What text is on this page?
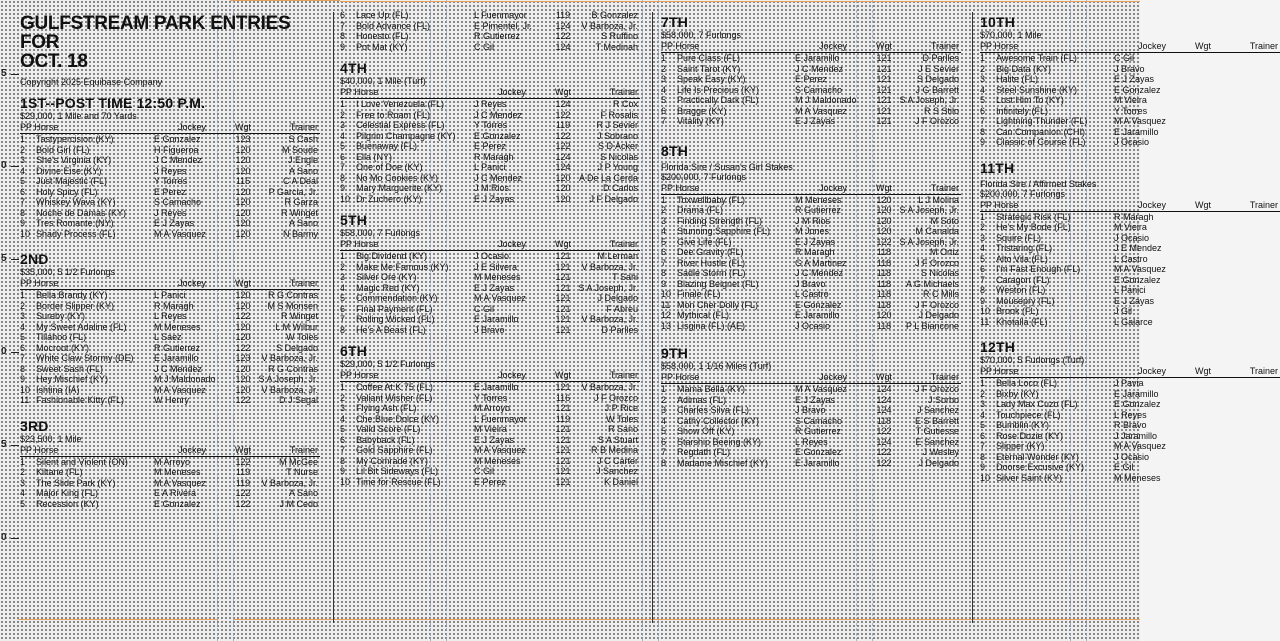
5
0
5
0
5
0
GULFSTREAM PARK ENTRIES FOR
OCT. 18
Copyright 2025 Equibase Company
1ST--POST TIME 12:50 P.M.
$29,000, 1 Mile and 70 Yards
PP Horse	Jockey	Wgt	Trainer
1	Tastypercision (KY)	E Gonzalez	123	S Cash
2	Bold Girl (FL)	H Figueroa	120	M Soude
3	She's Virginia (KY)	J C Mendez	120	J Engle
4	Divine Eise (KY)	J Reyes	120	A Sano
5	Just Majestic (FL)	Y Torres	115	C A Deal
6	Holy Spicy (FL)	E Perez	120	P Garcia, Jr.
7	Whiskey Wava (KY)	S Camacho	120	R Garza
8	Noche de Damas (KY)	J Reyes	120	R Winget
9	Tres Romante (NY)	E J Zayas	120	A Sano
10 Shady Process (FL)	M A Vasquez	120	N Barmy
2ND
$35,000, 5 1/2 Furlongs
PP Horse	Jockey	Wgt	Trainer
1	Bella Brandy (KY)	L Panici	120	R G Contras
2	Border Slipper (KY)	R Maragh	120	M S Monsen
3	Sureby (KY)	L Reyes	122	R Winget
4	My Sweet Adaline (FL)	M Meneses	120	L M Wilbur
5	Tillahoo (FL)	L Saez	120	W Toles
6	Mocroot (KY)	R Gutierrez	122	S Delgado
7	White Claw Stormy (DE)	E Jaramillo	123	V Barboza, Jr.
8	Sweet Sash (FL)	J C Mendez	120	R G Contras
9	Hey Mischief (KY)	M J Maldonado	120 S A Joseph, Jr.
10 Ishtina (IA)	M A Vasquez	120	V Barboza, Jr.
11 Fashionable Kitty (FL)	W Henry	122	D J Segal
3RD
$23,500, 1 Mile
PP Horse	Jockey	Wgt	Trainer
1	Silent and Violent (ON)	M Arroyo	122	M McGee
2	Kiltane (FL)	M Meneses	119	T Nurse
3	The Slide Park (KY)	M A Vasquez	119	V Barboza, Jr.
4	Major King (FL)	E A Rivera	122	A Sano
5	Recession (KY)	E Gonzalez	122	J M Cedo
6	Lace Up (FL)	L Fuenmayor	119	B Gonzalez
7	Bold Advance (FL)	E Pimentel, Jr.	124	V Barboza, Jr.
8	Honesto (FL)	R Gutierrez	122	S Ruffino
9	Pot Mat (KY)	C Gil	124	T Medinah
4TH
$40,000, 1 Mile (Turf)
PP Horse	Jockey	Wgt	Trainer
1	I Love Venezuela (FL)	J Reyes	124	R Cox
2	Free to Roam (FL)	J C Mendez	122	F Rosalis
3	Celestial Express (FL)	Y Torres	119	R J Sevier
4	Pilgrim Champagne (KY)	E Gonzalez	122	J Sobrano
5	Buenaway (FL)	E Perez	122	S D Acker
6	Ella (NY)	R Maragh	124	S Nicolas
7	One of Doe (KY)	L Panici	124	J P Young
8	No Mo Cookies (KY)	J C Mendez	120 A De La Cerda
9	Mary Marguerite (KY)	J M Rios	120	D Carlos
10 Dr Zuchero (KY)	E J Zayas	120	J F Delgado
5TH
$58,000, 7 Furlongs
PP Horse	Jockey	Wgt	Trainer
1	Big Dividend (KY)	J Ocasio	121	M Lerman
2	Make Me Famous (KY)	J E Silvera	121	V Barboza, Jr.
3	Silver Ore (KY)	M Meneses	121	T Sahi
4	Magic Red (KY)	E J Zayas	121 S A Joseph, Jr.
5	Commendation (KY)	M A Vasquez	121	J Delgado
6	Final Payment (FL)	C Gil	121	F Abreu
7	Rolling Wicked (FL)	E Jaramillo	121	V Barboza, Jr.
8	He's A Beast (FL)	J Bravo	121	D Parlles
6TH
$29,000, 5 1/2 Furlongs
PP Horse	Jockey	Wgt	Trainer
1	Coffee At K 75 (FL)	E Jaramillo	121	V Barboza, Jr.
2	Valiant Wisher (FL)	Y Torres	116	J F Orozco
3	Flying Ash (FL)	M Arroyo	121	J P Rice
4	Che Blue Dolce (KY)	L Fuenmayor	119	W Toles
5	Valid Score (FL)	M Vieira	121	R Sano
6	Babyback (FL)	E J Zayas	121	S A Stuart
7	Gold Sapphire (FL)	M A Vasquez	121	R B Medina
8	My Comrade (KY)	M Meneses	121	J C Carter
9	Lil Bit Sideways (FL)	C Gil	121	J Sanchez
10 Time for Rescue (FL)	E Perez	121	K Daniel
7TH
$58,000, 7 Furlongs
PP Horse	Jockey	Wgt	Trainer
1	Pure Class (FL)	E Jaramillo	121	D Parlles
2	Saint Tarot (KY)	J C Mendez	121	J E Sevier
3	Speak Easy (KY)	E Perez	121	S Delgado
4	Life Is Precious (KY)	S Camacho	121	J G Barrett
5	Practically Dark (FL)	M J Maldonado	121 S A Joseph, Jr.
6	Bragge (KY)	M A Vasquez	121	R S Stilo
7	Vitality (KY)	E J Zayas	121	J F Orozco
8TH
Florida Sire / Susan's Girl Stakes
$200,000, 7 Furlongs
PP Horse	Jockey	Wgt	Trainer
1	Toxwellbaby (FL)	M Meneses	120	L J Molina
2	Drama (FL)	R Gutierrez	120 S A Joseph, Jr.
3	Finding Strength (FL)	J M Rios	120	M Soto
4	Stunning Sapphire (FL)	M Jones	120	M Canalda
5	Give Life (FL)	E J Zayas	122 S A Joseph, Jr.
6	Dee Gravity (FL)	R Maragh	118	M Ortiz
7	River Hustle (FL)	G A Martinez	118	J F Orozco
8	Sadie Storm (FL)	J C Mendez	118	S Nicolas
9	Blazing Beignet (FL)	J Bravo	118	A G Michaels
10 Finale (FL)	L Castro	118	R C Mills
11 Mon Cher Dolly (FL)	E Gonzalez	118	J F Orozco
12 Mythical (FL)	E Jaramillo	120	J Delgado
13 Lisgina (FL) (AE)	J Ocasio	118	P L Biancone
9TH
$58,000, 1 1/16 Miles (Turf)
PP Horse	Jockey	Wgt	Trainer
1	Mama Bella (KY)	M A Vasquez	124	J F Orozco
2	Adimas (FL)	E J Zayas	124	J Sorbo
3	Charles Silva (FL)	J Bravo	124	J Sanchez
4	Cathy Collector (KY)	S Camacho	118	E S Barrett
5	Show Off (KY)	R Gutierrez	122	T Gutiesse
6	Starship Beeing (KY)	L Reyes	124	E Sanchez
7	Regdath (FL)	E Gonzalez	122	J Wesley
8	Madame Mischief (KY)	E Jaramillo	122	J Delgado
10TH
$70,000, 1 Mile
PP Horse	Jockey	Wgt	Trainer
1	Awesome Train (FL)	C Gil
2	Big Data (KY)	J Bravo
3	Halite (FL)	E J Zayas
4	Steel Sunshine (KY)	E Gonzalez
5	Lost Him To (KY)	M Vieira
6	Infinitely (FL)	Y Torres
7	Lightning Thunder (FL)	M A Vasquez
8	Can Companion (CHI)	E Jaramillo
9	Classic of Course (FL)	J Ocasio
11TH
Florida Sire / Affirmed Stakes
$200,000, 7 Furlongs
PP Horse	Jockey	Wgt	Trainer
1	Strategic Risk (FL)	R Maragh
2	He's My Bode (FL)	M Vieira
3	Squire (FL)	J Ocasio
4	Tristaring (FL)	J E Mendez
5	Alto Vila (FL)	L Castro
6	I'm Fast Enough (FL)	M A Vasquez
7	Caragon (FL)	E Gonzalez
8	Weston (FL)	L Panici
9	Mousepry (FL)	E J Zayas
10 Brook (FL)	J Gil
11 Khotalla (FL)	L Galarce
12TH
$70,000, 5 Furlongs (Turf)
PP Horse	Jockey	Wgt	Trainer
1	Bella Loco (FL)	J Pavia
2	Bixby (KY)	E Jaramillo
3	Lady Max Cuzo (FL)	E Gonzalez
4	Touchpiece (FL)	L Reyes
5	Bumblin (KY)	R Bravo
6	Rose Dozie (KY)	J Jaramillo
7	Slipper (KY)	M A Vasquez
8	Eternal Wonder (KY)	J Ocasio
9	Doorse Excusive (KY)	E Gil
10 Silver Saint (KY)	M Meneses
